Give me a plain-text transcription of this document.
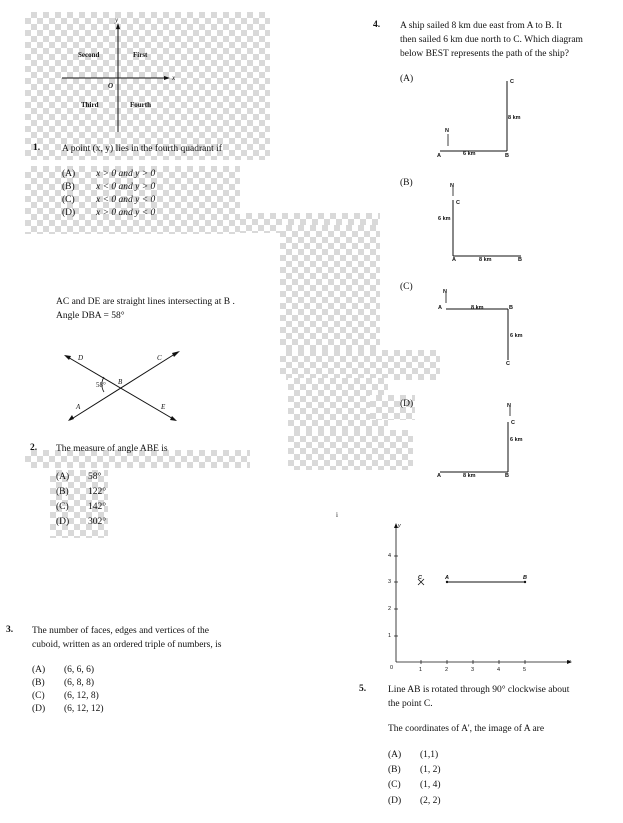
y
x
Second	First
O
Third	Fourth
1. A point (x, y) lies in the fourth quadrant if
(A) x > 0 and y > 0
(B) x < 0 and y > 0
(C) x < 0 and y < 0
(D) x > 0 and y < 0
AC and DE are straight lines intersecting at B .
Angle DBA = 58°
D	C
58° B
A	E
2. The measure of angle ABE is
(A) 58°
(B) 122°
(C) 142°
(D) 302°
3. The number of faces, edges and vertices of the
cuboid, written as an ordered triple of numbers, is
(A) (6, 6, 6)
(B) (6, 8, 8)
(C) (6, 12, 8)
(D) (6, 12, 12)
4. A ship sailed 8 km due east from A to B. It
then sailed 6 km due north to C. Which diagram
below BEST represents the path of the ship?
(A)
N
C
8 km
6 km
A	B
(B)	N
C
6 km
A	8 km	B
(C)	N
A	8 km	B
6 km
C
(D)	N
C
6 km
A	8 km	B
i
y
x
4
3
2
1
0	1	2	3	4	5
C	A	B
5. Line AB is rotated through 90° clockwise about
the point C.
The coordinates of A', the image of A are
(A) (1,1)
(B) (1, 2)
(C) (1, 4)
(D) (2, 2)
